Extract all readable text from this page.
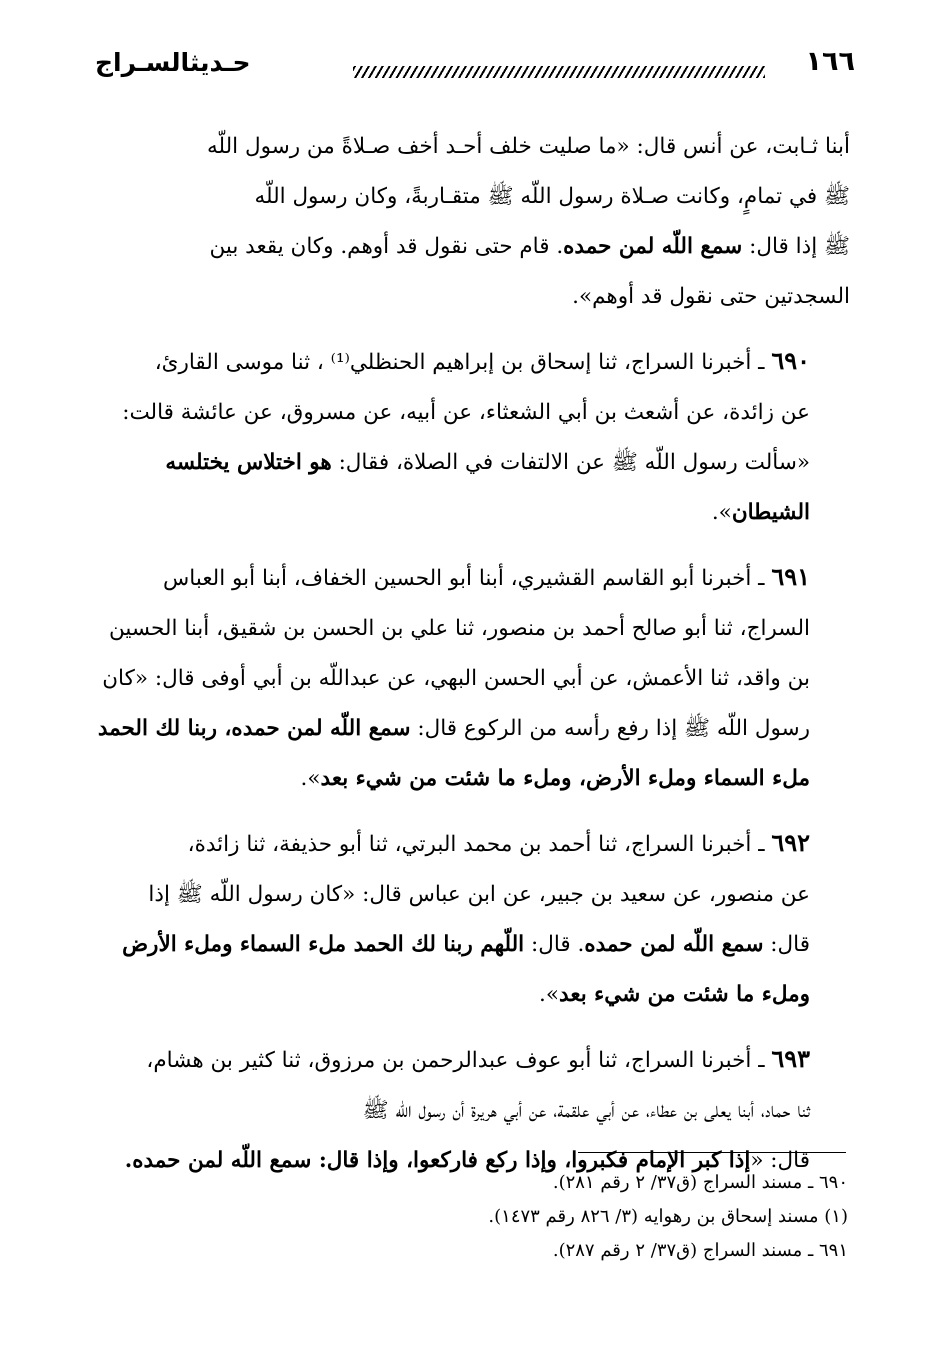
حـديثالسـراج	١٦٦

أبنا ثـابت، عن أنس قال: «ما صليت خلف أحـد أخف صـلاةً من رسول اللّه
ﷺ في تمامٍ، وكانت صـلاة رسول اللّه ﷺ متقـاربةً، وكان رسول اللّه
ﷺ إذا قال: سمع اللّه لمن حمده. قام حتى نقول قد أوهم. وكان يقعد بين
السجدتين حتى نقول قد أوهم».

٦٩٠ ـ أخبرنا السراج، ثنا إسحاق بن إبراهيم الحنظلي⁽¹⁾ ، ثنا موسى القارئ،
عن زائدة، عن أشعث بن أبي الشعثاء، عن أبيه، عن مسروق، عن عائشة قالت:
«سألت رسول اللّه ﷺ عن الالتفات في الصلاة، فقال: هو اختلاس يختلسه
الشيطان».

٦٩١ ـ أخبرنا أبو القاسم القشيري، أبنا أبو الحسين الخفاف، أبنا أبو العباس
السراج، ثنا أبو صالح أحمد بن منصور، ثنا علي بن الحسن بن شقيق، أبنا الحسين
بن واقد، ثنا الأعمش، عن أبي الحسن البهي، عن عبداللّه بن أبي أوفى قال: «كان
رسول اللّه ﷺ إذا رفع رأسه من الركوع قال: سمع اللّه لمن حمده، ربنا لك الحمد
ملء السماء وملء الأرض، وملء ما شئت من شيء بعد».

٦٩٢ ـ أخبرنا السراج، ثنا أحمد بن محمد البرتي، ثنا أبو حذيفة، ثنا زائدة،
عن منصور، عن سعيد بن جبير، عن ابن عباس قال: «كان رسول اللّه ﷺ إذا
قال: سمع اللّه لمن حمده. قال: اللّهم ربنا لك الحمد ملء السماء وملء الأرض
وملء ما شئت من شيء بعد».

٦٩٣ ـ أخبرنا السراج، ثنا أبو عوف عبدالرحمن بن مرزوق، ثنا كثير بن هشام،
ثنا حماد، أبنا يعلى بن عطاء، عن أبي علقمة، عن أبي هريرة أن رسول اللّه ﷺ
قال: «إذا كبر الإمام فكبروا، وإذا ركع فاركعوا، وإذا قال: سمع اللّه لمن حمده.

٦٩٠ ـ مسند السراج (ق٣٧/ ٢ رقم ٢٨١).
(١) مسند إسحاق بن رهوايه (٣/ ٨٢٦ رقم ١٤٧٣).
٦٩١ ـ مسند السراج (ق٣٧/ ٢ رقم ٢٨٧).
